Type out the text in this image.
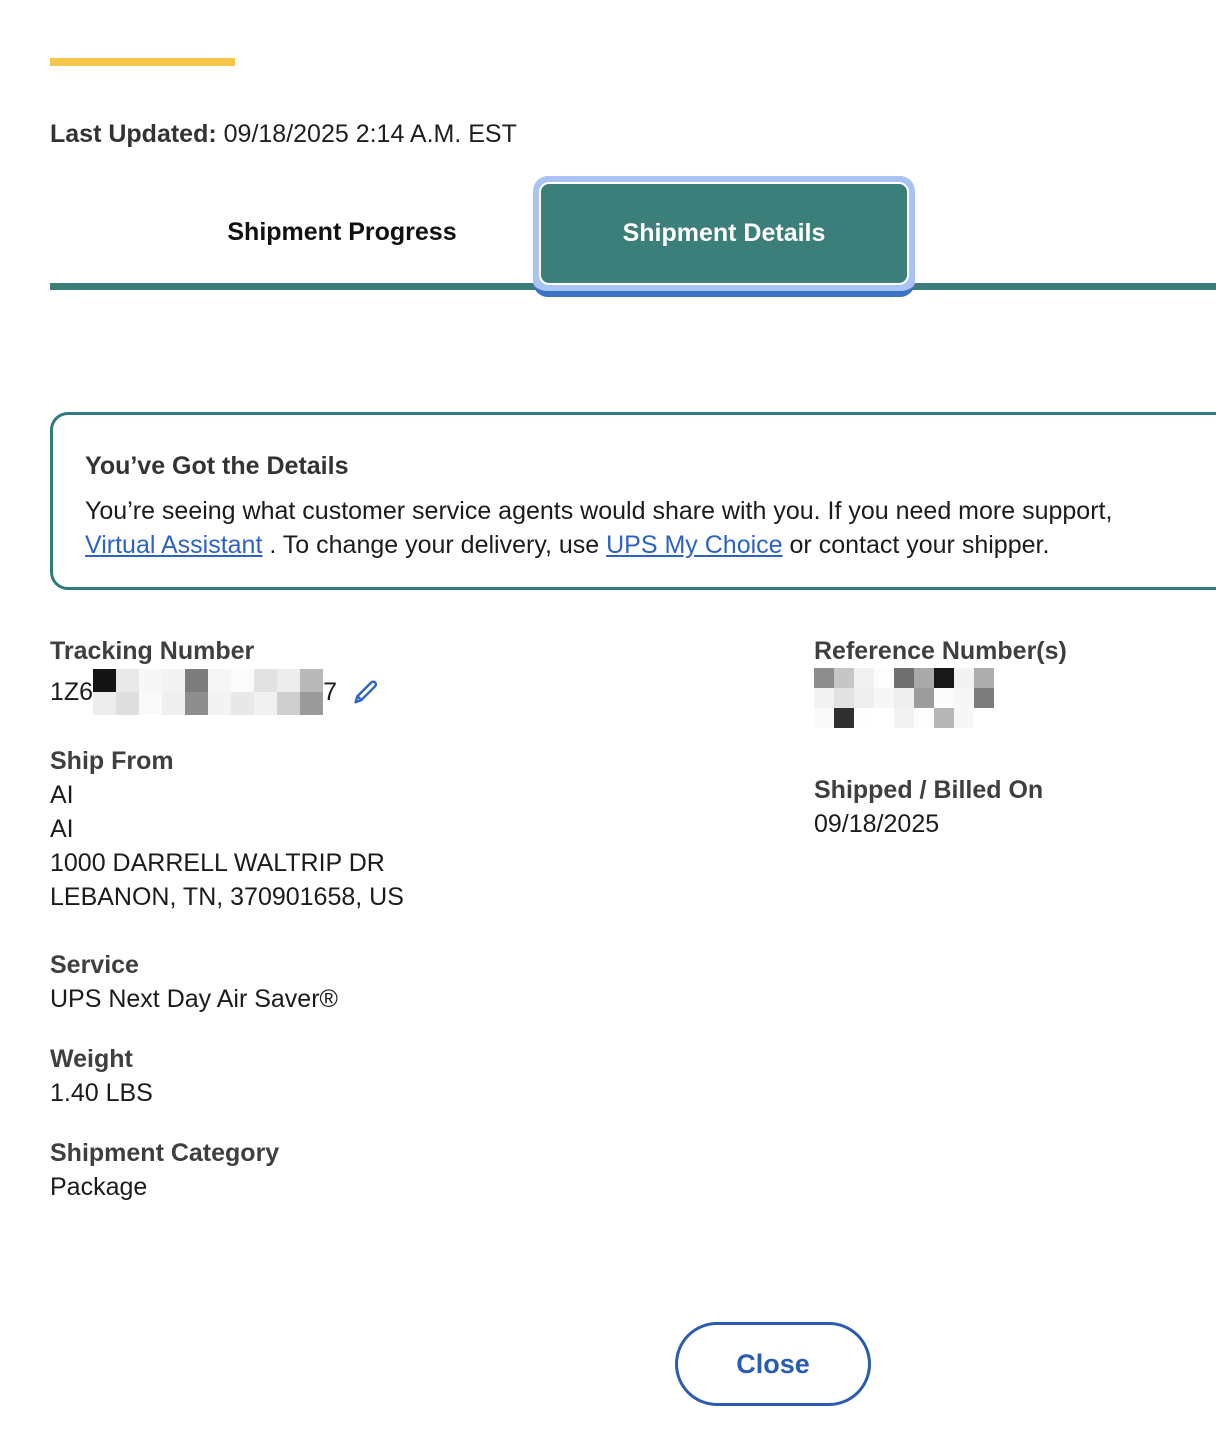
Last Updated: 09/18/2025 2:14 A.M. EST
Shipment Progress	Shipment Details
You’ve Got the Details
You’re seeing what customer service agents would share with you. If you need more support,
Virtual Assistant . To change your delivery, use UPS My Choice or contact your shipper.
Tracking Number
1Z6	7
Ship From
AI
AI
1000 DARRELL WALTRIP DR
LEBANON, TN, 370901658, US
Service
UPS Next Day Air Saver®
Weight
1.40 LBS
Shipment Category
Package
Reference Number(s)
Shipped / Billed On
09/18/2025
Close
